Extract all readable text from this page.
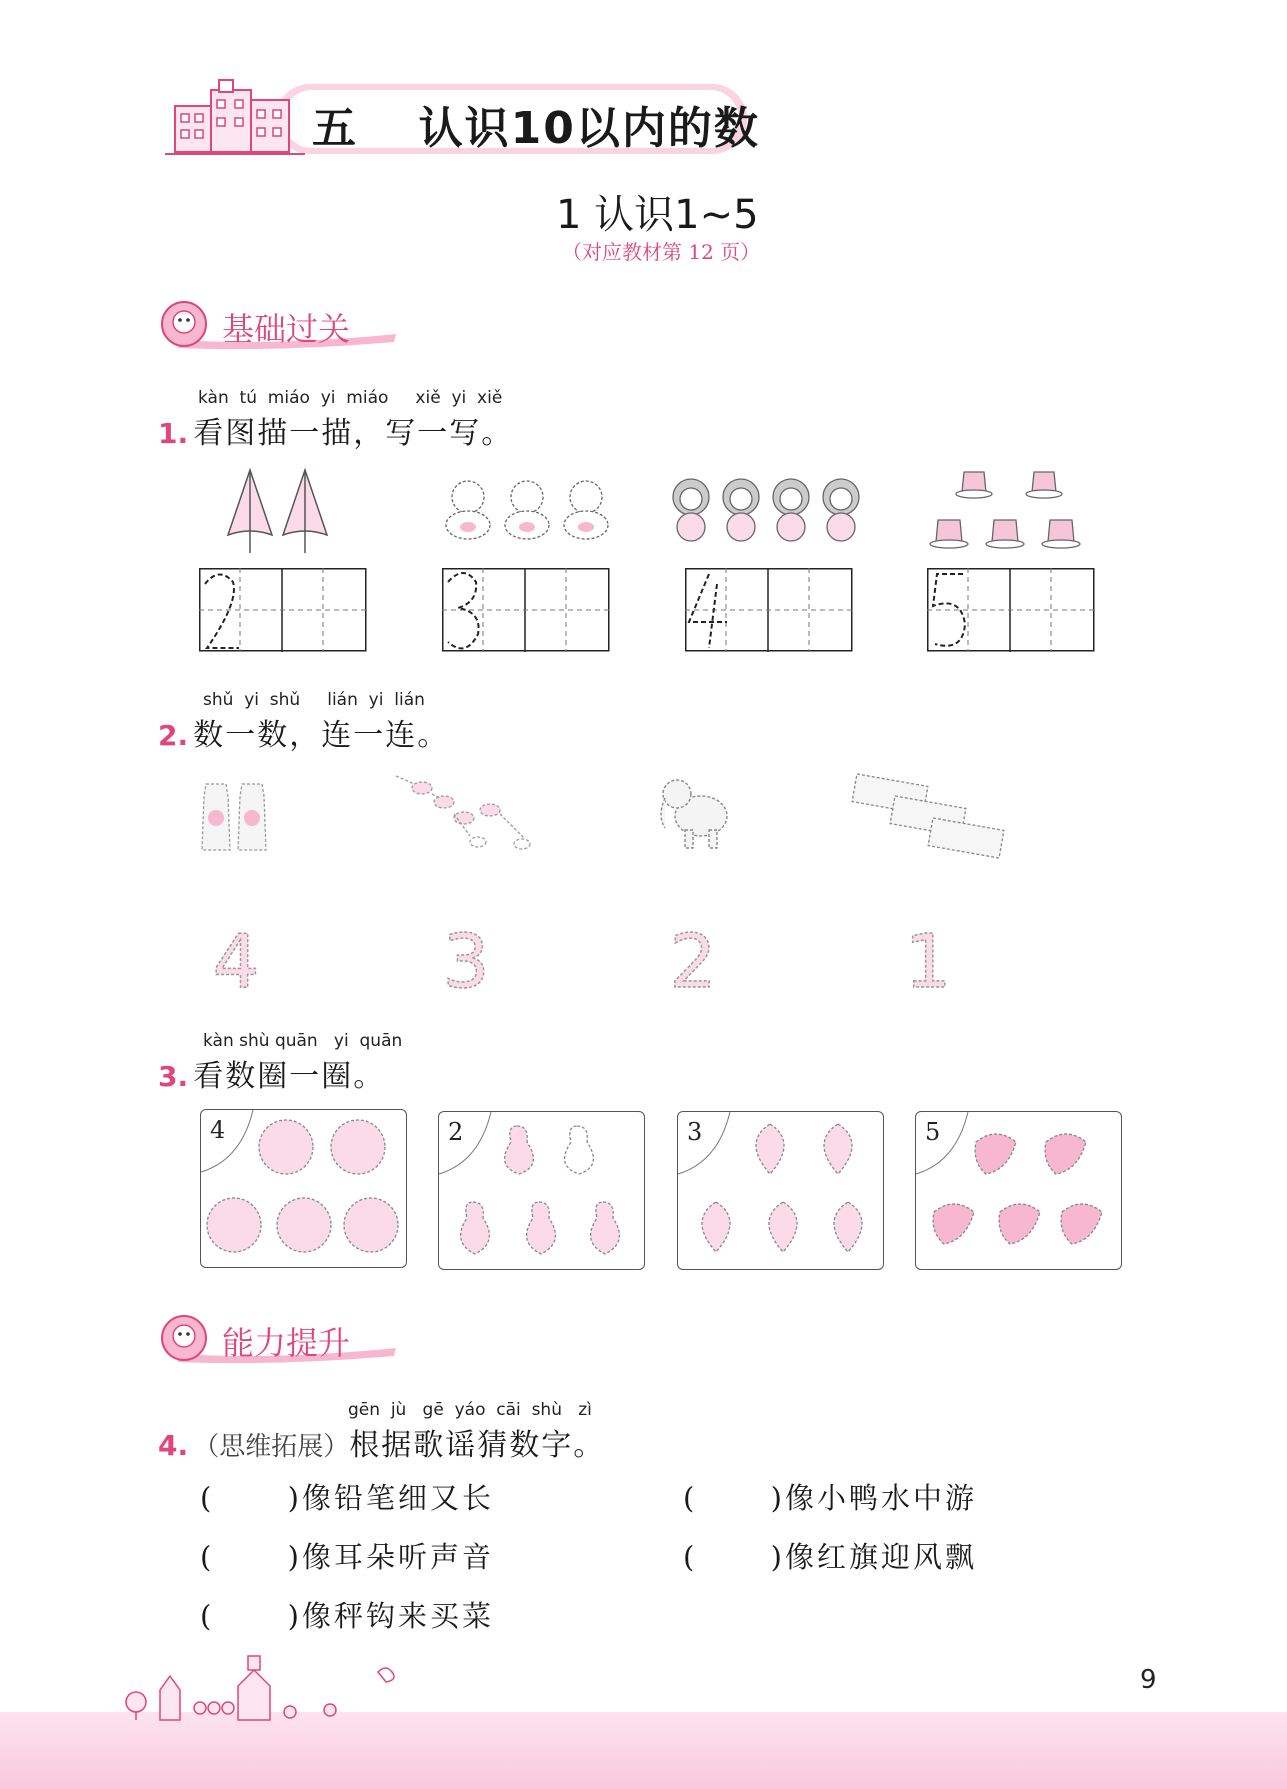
五 认识10以内的数
1 认识1~5
（对应教材第 12 页）
基础过关
kàn  tú  miáo  yi  miáo     xiě  yi  xiě
1. 看图描一描，写一写。
shǔ  yi  shǔ     lián  yi  lián
2. 数一数，连一连。
4 3 2	1
kàn shù quān   yi  quān
3. 看数圈一圈。
4	2	3	5
能力提升
gēn  jù   gē  yáo  cāi  shù   zì
4. （思维拓展）根据歌谣猜数字。
(      )像铅笔细又长	(      )像小鸭水中游
(      )像耳朵听声音	(      )像红旗迎风飘
(      )像秤钩来买菜
9
